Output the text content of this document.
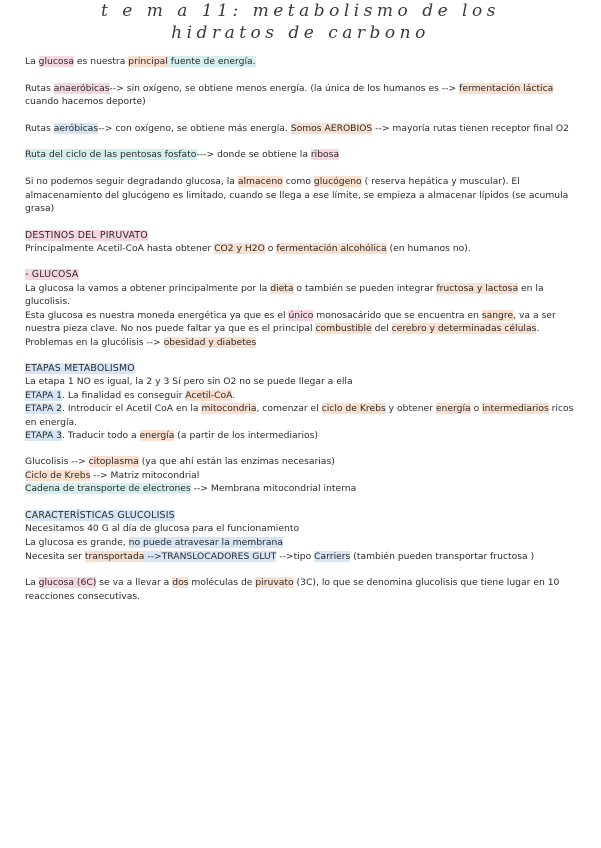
t e m a 11: metabolismo de los
hidratos de carbono

La glucosa es nuestra principal fuente de energía.

Rutas anaeróbicas--> sin oxígeno, se obtiene menos energía. (la única de los humanos es --> fermentación láctica cuando hacemos deporte)

Rutas aeróbicas--> con oxígeno, se obtiene más energía. Somos AEROBIOS --> mayoría rutas tienen receptor final O2

Ruta del ciclo de las pentosas fosfato---> donde se obtiene la ribosa

Si no podemos seguir degradando glucosa, la almaceno como glucógeno ( reserva hepática y muscular). El almacenamiento del glucógeno es limitado, cuando se llega a ese límite, se empieza a almacenar lípidos (se acumula grasa)

DESTINOS DEL PIRUVATO
Principalmente Acetil-CoA hasta obtener CO2 y H2O o fermentación alcohólica (en humanos no).

- GLUCOSA
La glucosa la vamos a obtener principalmente por la dieta o también se pueden integrar fructosa y lactosa en la glucolisis.
Esta glucosa es nuestra moneda energética ya que es el único monosacárido que se encuentra en sangre, va a ser nuestra pieza clave. No nos puede faltar ya que es el principal combustible del cerebro y determinadas células. Problemas en la glucólisis --> obesidad y diabetes

ETAPAS METABOLISMO
La etapa 1 NO es igual, la 2 y 3 Sí pero sin O2 no se puede llegar a ella
ETAPA 1. La finalidad es conseguir Acetil-CoA.
ETAPA 2. Introducir el Acetil CoA en la mitocondria, comenzar el ciclo de Krebs y obtener energía o intermediarios ricos en energía.
ETAPA 3. Traducir todo a energía (a partir de los intermediarios)

Glucolisis --> citoplasma (ya que ahí están las enzimas necesarias)
Ciclo de Krebs --> Matriz mitocondrial
Cadena de transporte de electrones --> Membrana mitocondrial interna

CARACTERÍSTICAS GLUCOLISIS
Necesitamos 40 G al día de glucosa para el funcionamiento
La glucosa es grande, no puede atravesar la membrana
Necesita ser transportada -->TRANSLOCADORES GLUT -->tipo Carriers (también pueden transportar fructosa )

La glucosa (6C) se va a llevar a dos moléculas de piruvato (3C), lo que se denomina glucolisis que tiene lugar en 10 reacciones consecutivas.
